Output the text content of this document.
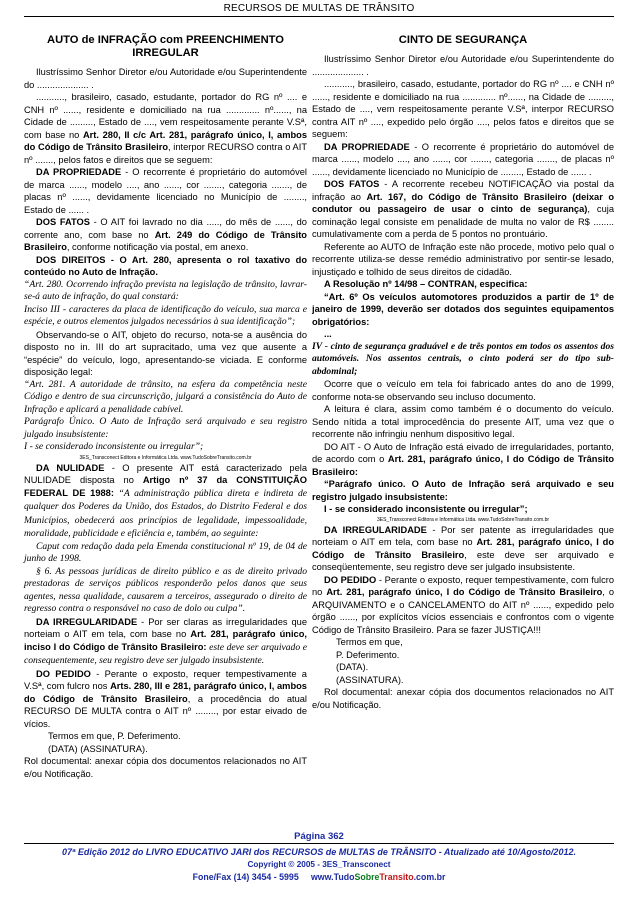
RECURSOS DE MULTAS DE TRÂNSITO
AUTO de INFRAÇÃO com PREENCHIMENTO IRREGULAR

Ilustríssimo Senhor Diretor e/ou Autoridade e/ou Superintendente do .................... .

..........., brasileiro, casado, estudante, portador do RG nº .... e CNH nº ......, residente e domiciliado na rua ............. nº......, na Cidade de ........., Estado de ...., vem respeitosamente perante V.Sª, com base no Art. 280, II c/c Art. 281, parágrafo único, I, ambos do Código de Trânsito Brasileiro, interpor RECURSO contra o AIT nº ......., pelos fatos e direitos que se seguem:

DA PROPRIEDADE - O recorrente é proprietário do automóvel de marca ......, modelo ...., ano ......, cor ......., categoria ......., de placas nº ......, devidamente licenciado no Município de ........, Estado de ...... .

DOS FATOS - O AIT foi lavrado no dia ....., do mês de ......, do corrente ano, com base no Art. 249 do Código de Trânsito Brasileiro, conforme notificação via postal, em anexo.

DOS DIREITOS - O Art. 280, apresenta o rol taxativo do conteúdo no Auto de Infração.

“Art. 280. Ocorrendo infração prevista na legislação de trânsito, lavrar-se-á auto de infração, do qual constará:

Inciso III - caracteres da placa de identificação do veículo, sua marca e espécie, e outros elementos julgados necessários à sua identificação”;

Observando-se o AIT, objeto do recurso, nota-se a ausência do disposto no in. III do art supracitado, uma vez que ausente a “espécie” do veículo, logo, apresentando-se viciada. E conforme disposição legal:

“Art. 281. A autoridade de trânsito, na esfera da competência neste Código e dentro de sua circunscrição, julgará a consistência do Auto de Infração e aplicará a penalidade cabível.

Parágrafo Único. O Auto de Infração será arquivado e seu registro julgado insubsistente:

I - se considerado inconsistente ou irregular”;

3ES_Transconect Editora e Informática Ltda. www.TudoSobreTransito.com.br

DA NULIDADE - O presente AIT está caracterizado pela NULIDADE disposta no Artigo nº 37 da CONSTITUIÇÃO FEDERAL DE 1988: “A administração pública direta e indireta de qualquer dos Poderes da União, dos Estados, do Distrito Federal e dos Municípios, obedecerá aos princípios de legalidade, impessoalidade, moralidade, publicidade e eficiência e, também, ao seguinte:

Caput com redação dada pela Emenda constitucional nº 19, de 04 de junho de 1998.

§ 6. As pessoas jurídicas de direito público e as de direito privado prestadoras de serviços públicos responderão pelos danos que seus agentes, nessa qualidade, causarem a terceiros, assegurado o direito de regresso contra o responsável no caso de dolo ou culpa”.

DA IRREGULARIDADE - Por ser claras as irregularidades que norteiam o AIT em tela, com base no Art. 281, parágrafo único, inciso I do Código de Trânsito Brasileiro: este deve ser arquivado e consequentemente, seu registro deve ser julgado insubsistente.

DO PEDIDO - Perante o exposto, requer tempestivamente a V.Sª, com fulcro nos Arts. 280, III e 281, parágrafo único, I, ambos do Código de Trânsito Brasileiro, a procedência do atual RECURSO DE MULTA contra o AIT nº ........, por estar eivado de vícios.

Termos em que, P. Deferimento.

(DATA) (ASSINATURA).

Rol documental: anexar cópia dos documentos relacionados no AIT e/ou Notificação.

CINTO DE SEGURANÇA

Ilustríssimo Senhor Diretor e/ou Autoridade e/ou Superintendente do .................... .

..........., brasileiro, casado, estudante, portador do RG nº .... e CNH nº ......, residente e domiciliado na rua ............. nº......, na Cidade de ........., Estado de ...., vem respeitosamente perante V.Sª, interpor RECURSO contra AIT nº ...., expedido pelo órgão ...., pelos fatos e direitos que se seguem:

DA PROPRIEDADE - O recorrente é proprietário do automóvel de marca ......, modelo ...., ano ......, cor ......., categoria ......., de placas nº ......, devidamente licenciado no Município de ........, Estado de ...... .

DOS FATOS - A recorrente recebeu NOTIFICAÇÃO via postal da infração ao Art. 167, do Código de Trânsito Brasileiro (deixar o condutor ou passageiro de usar o cinto de segurança), cuja cominação legal consiste em penalidade de multa no valor de R$ ........ cumulativamente com a perda de 5 pontos no prontuário.

Referente ao AUTO de Infração este não procede, motivo pelo qual o recorrente utiliza-se desse remédio administrativo por sentir-se lesado, injustiçado e tolhido de seus direitos de cidadão.

A Resolução nº 14/98 – CONTRAN, especifica:

“Art. 6º Os veículos automotores produzidos a partir de 1º de janeiro de 1999, deverão ser dotados dos seguintes equipamentos obrigatórios:

...

IV - cinto de segurança graduável e de três pontos em todos os assentos dos automóveis. Nos assentos centrais, o cinto poderá ser do tipo sub-abdominal;

Ocorre que o veículo em tela foi fabricado antes do ano de 1999, conforme nota-se observando seu incluso documento.

A leitura é clara, assim como também é o documento do veículo. Sendo nítida a total improcedência do presente AIT, uma vez que o recorrente não infringiu nenhum dispositivo legal.

DO AIT - O Auto de Infração está eivado de irregularidades, portanto, de acordo com o Art. 281, parágrafo único, I do Código de Trânsito Brasileiro:

“Parágrafo único. O Auto de Infração será arquivado e seu registro julgado insubsistente:

I - se considerado inconsistente ou irregular”;

3ES_Transconect Editora e Informática Ltda. www.TudoSobreTransito.com.br

DA IRREGULARIDADE - Por ser patente as irregularidades que norteiam o AIT em tela, com base no Art. 281, parágrafo único, I do Código de Trânsito Brasileiro, este deve ser arquivado e conseqüentemente, seu registro deve ser julgado insubsistente.

DO PEDIDO - Perante o exposto, requer tempestivamente, com fulcro no Art. 281, parágrafo único, I do Código de Trânsito Brasileiro, o ARQUIVAMENTO e o CANCELAMENTO do AIT nº ......, expedido pelo órgão ......, por explícitos vícios essenciais e confrontos com o vigente Código de Trânsito Brasileiro. Para se fazer JUSTIÇA!!!

Termos em que,

P. Deferimento.

(DATA).

(ASSINATURA).

Rol documental: anexar cópia dos documentos relacionados no AIT e/ou Notificação.

Página 362
07ª Edição 2012 do LIVRO EDUCATIVO JARI dos RECURSOS de MULTAS de TRÂNSITO - Atualizado até 10/Agosto/2012.
Copyright © 2005 - 3ES_Transconect
Fone/Fax (14) 3454 - 5995 www.TudoSobreTransito.com.br
